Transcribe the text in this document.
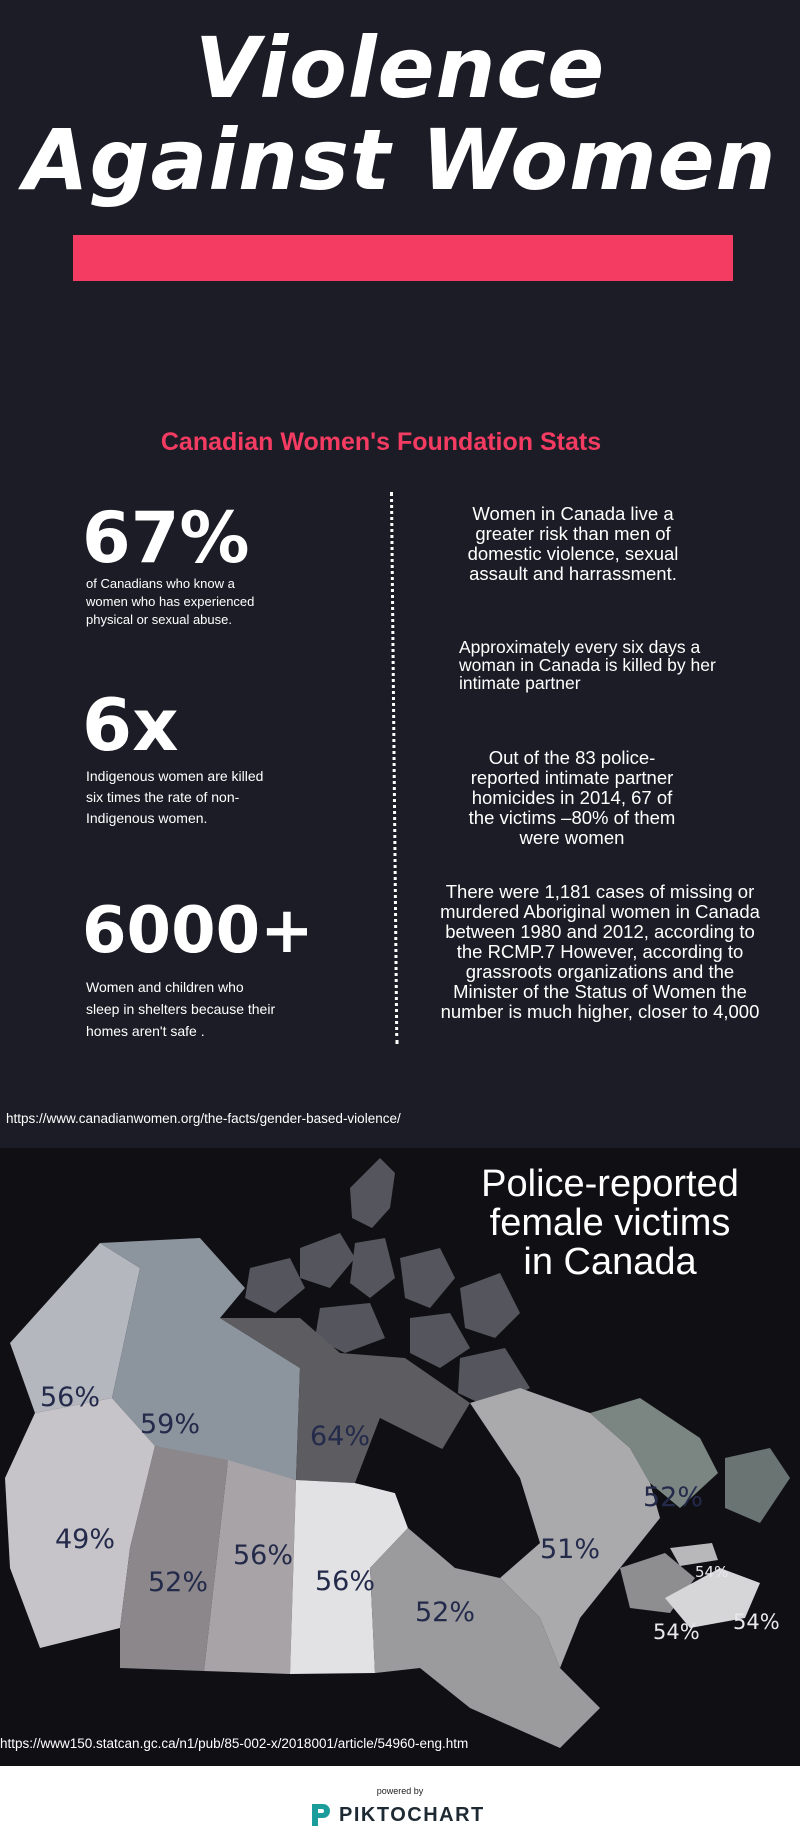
Violence
Against Women
Canadian Women's Foundation Stats
67%
of Canadians who know a women who has experienced physical or sexual abuse.
6x
Indigenous women are killed six times the rate of non-Indigenous women.
6000+
Women and children who sleep in shelters because their homes aren't safe .
Women in Canada live a greater risk than men of domestic violence, sexual assault and harrassment.
Approximately every six days a woman in Canada is killed by her intimate partner
Out of the 83 police-reported intimate partner homicides in 2014, 67 of the victims –80% of them were women
There were 1,181 cases of missing or murdered Aboriginal women in Canada between 1980 and 2012, according to the RCMP.7 However, according to grassroots organizations and the Minister of the Status of Women the number is much higher, closer to 4,000
https://www.canadianwomen.org/the-facts/gender-based-violence/
56%
59%	64%
49%
52%
56%
56%
52%
51%
52%
54%
54%
54%
Police-reported
female victims
in Canada
https://www150.statcan.gc.ca/n1/pub/85-002-x/2018001/article/54960-eng.htm
powered by
PIKTOCHART
